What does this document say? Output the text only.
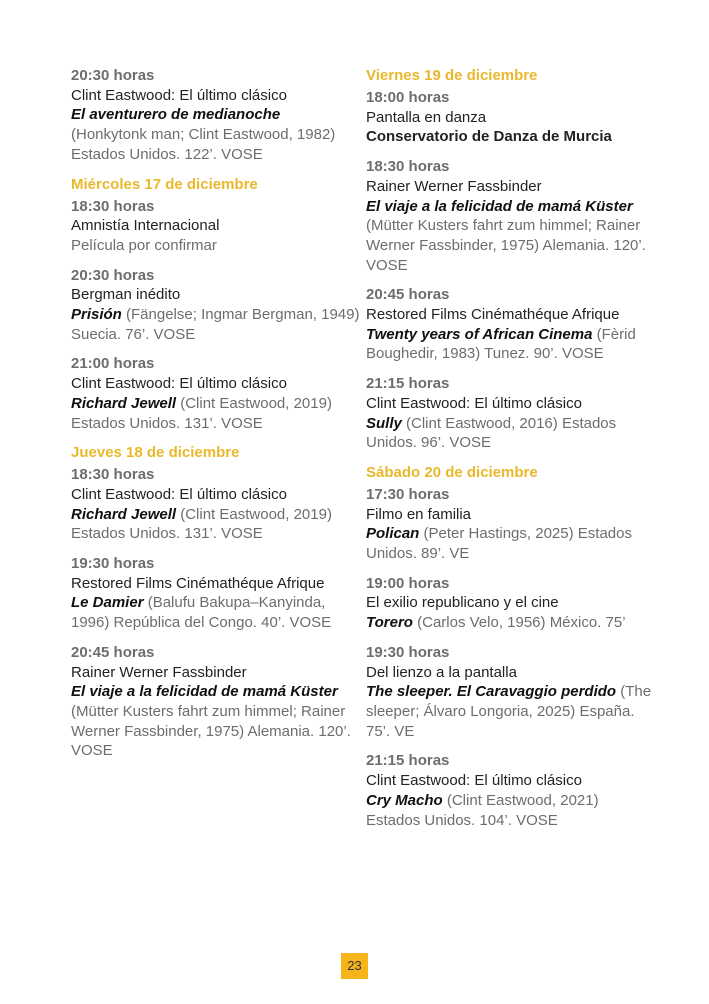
20:30 horas
Clint Eastwood: El último clásico
El aventurero de medianoche
(Honkytonk man; Clint Eastwood, 1982) Estados Unidos. 122’. VOSE
Miércoles 17 de diciembre
18:30 horas
Amnistía Internacional
Película por confirmar
20:30 horas
Bergman inédito
Prisión (Fängelse; Ingmar Bergman, 1949) Suecia. 76’. VOSE
21:00 horas
Clint Eastwood: El último clásico
Richard Jewell (Clint Eastwood, 2019) Estados Unidos. 131’. VOSE
Jueves 18 de diciembre
18:30 horas
Clint Eastwood: El último clásico
Richard Jewell (Clint Eastwood, 2019) Estados Unidos. 131’. VOSE
19:30 horas
Restored Films Cinémathéque Afrique
Le Damier (Balufu Bakupa–Kanyinda, 1996) República del Congo. 40’. VOSE
20:45 horas
Rainer Werner Fassbinder
El viaje a la felicidad de mamá Küster (Mütter Kusters fahrt zum himmel; Rainer Werner Fassbinder, 1975) Alemania. 120’. VOSE
Viernes 19 de diciembre
18:00 horas
Pantalla en danza
Conservatorio de Danza de Murcia
18:30 horas
Rainer Werner Fassbinder
El viaje a la felicidad de mamá Küster (Mütter Kusters fahrt zum himmel; Rainer Werner Fassbinder, 1975) Alemania. 120’. VOSE
20:45 horas
Restored Films Cinémathéque Afrique
Twenty years of African Cinema (Fèrid Boughedir, 1983) Tunez. 90’. VOSE
21:15 horas
Clint Eastwood: El último clásico
Sully (Clint Eastwood, 2016) Estados Unidos. 96’. VOSE
Sábado 20 de diciembre
17:30 horas
Filmo en familia
Polican (Peter Hastings, 2025) Estados Unidos. 89’. VE
19:00 horas
El exilio republicano y el cine
Torero (Carlos Velo, 1956) México. 75’
19:30 horas
Del lienzo a la pantalla
The sleeper. El Caravaggio perdido (The sleeper; Álvaro Longoria, 2025) España. 75’. VE
21:15 horas
Clint Eastwood: El último clásico
Cry Macho (Clint Eastwood, 2021) Estados Unidos. 104’. VOSE
23
